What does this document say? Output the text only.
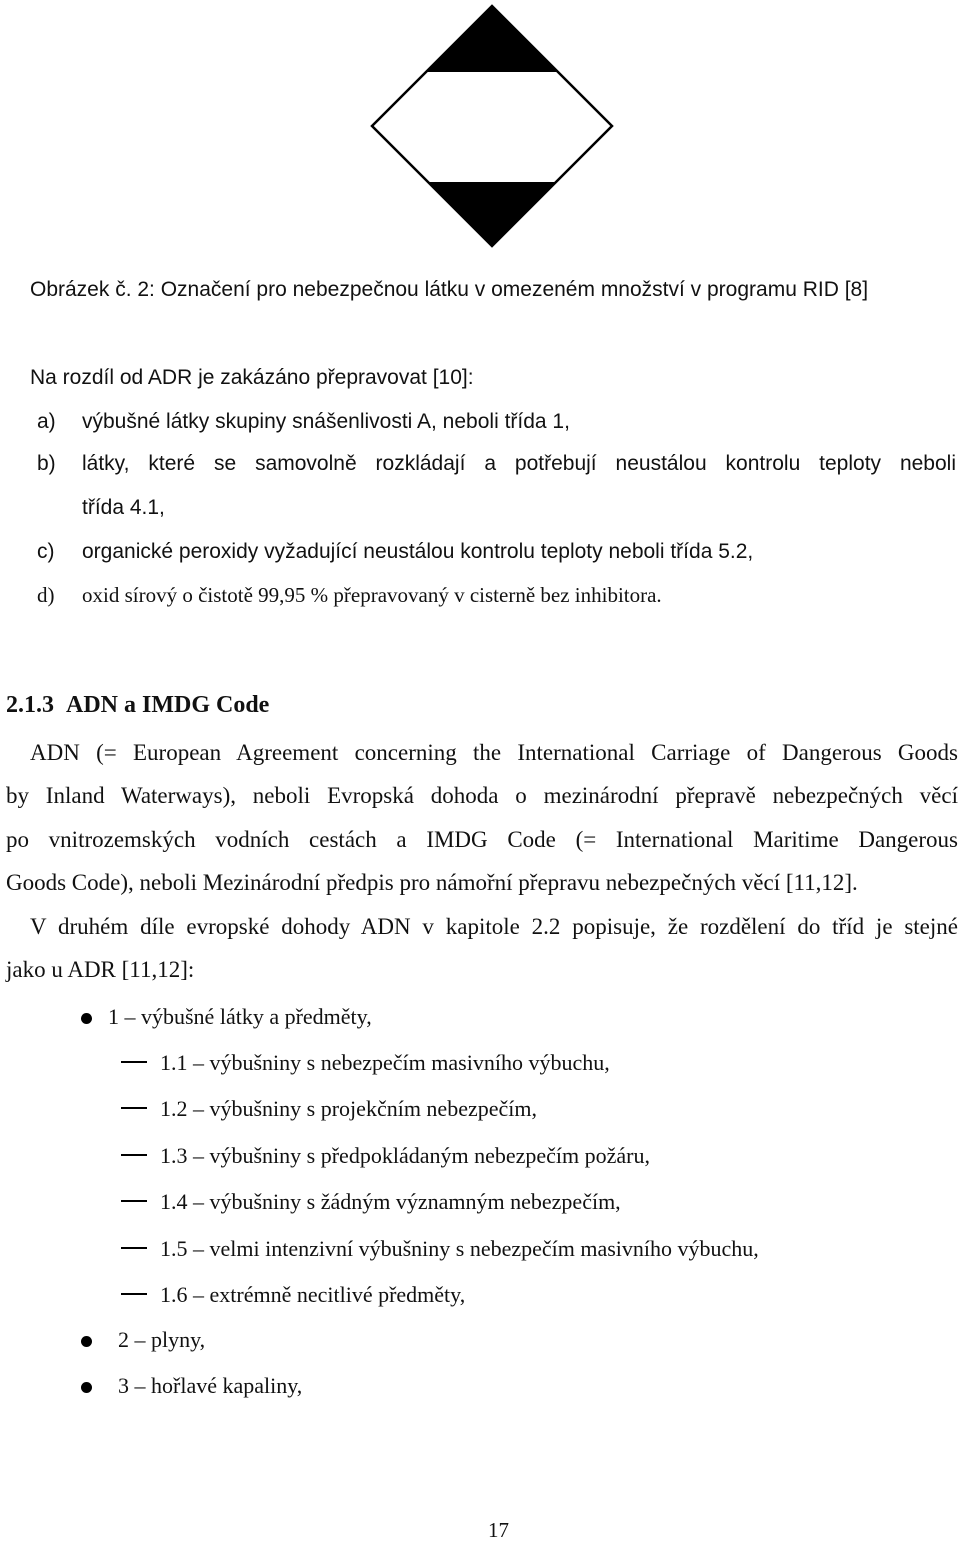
Obrázek č. 2: Označení pro nebezpečnou látku v omezeném množství v programu RID [8]
Na rozdíl od ADR je zakázáno přepravovat [10]:
a) výbušné látky skupiny snášenlivosti A, neboli třída 1,
b) látky, které se samovolně rozkládají a potřebují neustálou kontrolu teploty neboli
třída 4.1,
c) organické peroxidy vyžadující neustálou kontrolu teploty neboli třída 5.2,
d) oxid sírový o čistotě 99,95 % přepravovaný v cisterně bez inhibitora.
2.1.3 ADN a IMDG Code
ADN (= European Agreement concerning the International Carriage of Dangerous Goods
by Inland Waterways), neboli Evropská dohoda o mezinárodní přepravě nebezpečných věcí
po vnitrozemských vodních cestách a IMDG Code (= International Maritime Dangerous
Goods Code), neboli Mezinárodní předpis pro námořní přepravu nebezpečných věcí [11,12].
V druhém díle evropské dohody ADN v kapitole 2.2 popisuje, že rozdělení do tříd je stejné
jako u ADR [11,12]:
1 – výbušné látky a předměty,
1.1 – výbušniny s nebezpečím masivního výbuchu,
1.2 – výbušniny s projekčním nebezpečím,
1.3 – výbušniny s předpokládaným nebezpečím požáru,
1.4 – výbušniny s žádným významným nebezpečím,
1.5 – velmi intenzivní výbušniny s nebezpečím masivního výbuchu,
1.6 – extrémně necitlivé předměty,
2 – plyny,
3 – hořlavé kapaliny,
17
